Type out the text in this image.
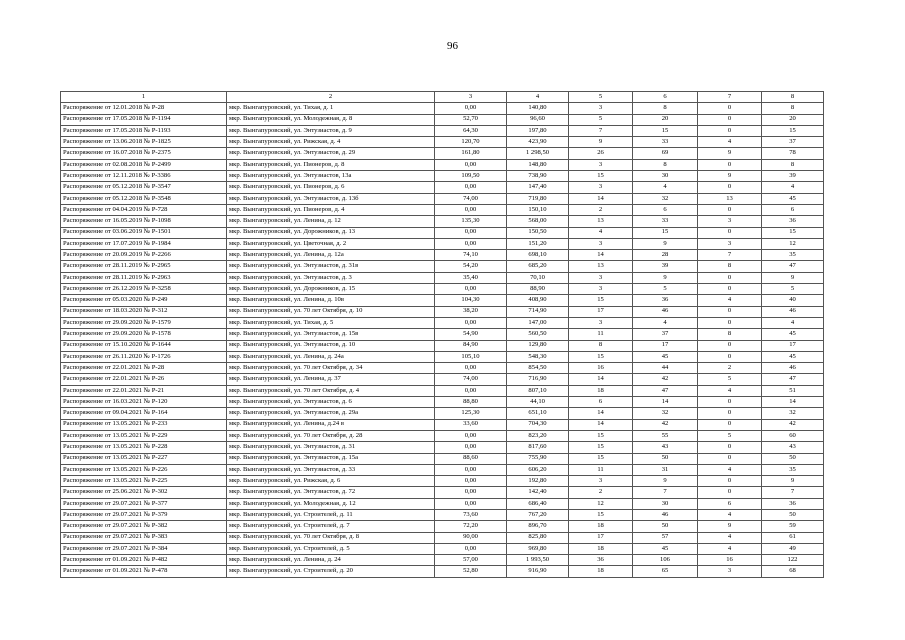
96
1	2	3	4	5	6	7	8
Распоряжение от 12.01.2018 № Р-28	мкр. Вынгапуровский, ул. Тихая, д. 1	0,00	140,80	3	8	0	8
Распоряжение от 17.05.2018 № Р-1194	мкр. Вынгапуровский, ул. Молодежная, д. 8	52,70	96,60	5	20	0	20
Распоряжение от 17.05.2018 № Р-1193	мкр. Вынгапуровский, ул. Энтузиастов, д. 9	64,30	197,80	7	15	0	15
Распоряжение от 13.06.2018 № Р-1825	мкр. Вынгапуровский, ул. Рижская, д. 4	120,70	423,90	9	33	4	37
Распоряжение от 16.07.2018 № Р-2375	мкр. Вынгапуровский, ул. Энтузиастов, д. 29	161,80	1 298,50	26	69	9	78
Распоряжение от 02.08.2018 № Р-2499	мкр. Вынгапуровский, ул. Пионеров, д. 8	0,00	148,80	3	8	0	8
Распоряжение от 12.11.2018 № Р-3386	мкр. Вынгапуровский, ул. Энтузиастов, 13а	109,50	738,90	15	30	9	39
Распоряжение от 05.12.2018 № Р-3547	мкр. Вынгапуровский, ул. Пионеров, д. 6	0,00	147,40	3	4	0	4
Распоряжение от 05.12.2018 № Р-3548	мкр. Вынгапуровский, ул. Энтузиастов, д. 13б	74,00	719,80	14	32	13	45
Распоряжение от 04.04.2019 № Р-728	мкр. Вынгапуровский, ул. Пионеров, д. 4	0,00	150,10	2	6	0	6
Распоряжение от 16.05.2019 № Р-1098	мкр. Вынгапуровский, ул. Ленина, д. 12	135,30	568,00	13	33	3	36
Распоряжение от 03.06.2019 № Р-1501	мкр. Вынгапуровский, ул. Дорожников, д. 13	0,00	150,50	4	15	0	15
Распоряжение от 17.07.2019 № Р-1984	мкр. Вынгапуровский, ул. Цветочная, д. 2	0,00	151,20	3	9	3	12
Распоряжение от 20.09.2019 № Р-2266	мкр. Вынгапуровский, ул. Ленина, д. 12а	74,10	698,10	14	28	7	35
Распоряжение от 28.11.2019 № Р-2965	мкр. Вынгапуровский, ул. Энтузиастов, д. 31в	54,20	685,20	13	39	8	47
Распоряжение от 28.11.2019 № Р-2963	мкр. Вынгапуровский, ул. Энтузиастов, д. 3	35,40	70,10	3	9	0	9
Распоряжение от 26.12.2019 № Р-3258	мкр. Вынгапуровский, ул. Дорожников, д. 15	0,00	88,90	3	5	0	5
Распоряжение от 05.03.2020 № Р-249	мкр. Вынгапуровский, ул. Ленина, д. 10в	104,30	408,90	15	36	4	40
Распоряжение от 18.03.2020 № Р-312	мкр. Вынгапуровский, ул. 70 лет Октября, д. 10	38,20	714,90	17	46	0	46
Распоряжение от 29.09.2020 № Р-1579	мкр. Вынгапуровский, ул. Тихая, д. 5	0,00	147,00	3	4	0	4
Распоряжение от 29.09.2020 № Р-1578	мкр. Вынгапуровский, ул. Энтузиастов, д. 15в	54,90	560,50	11	37	8	45
Распоряжение от 15.10.2020 № Р-1644	мкр. Вынгапуровский, ул. Энтузиастов, д. 10	84,90	129,80	8	17	0	17
Распоряжение от 26.11.2020 № Р-1726	мкр. Вынгапуровский, ул. Ленина, д. 24а	105,10	548,30	15	45	0	45
Распоряжение от 22.01.2021 № Р-28	мкр. Вынгапуровский, ул. 70 лет Октября, д. 34	0,00	854,50	16	44	2	46
Распоряжение от 22.01.2021 № Р-26	мкр. Вынгапуровский, ул. Ленина, д. 37	74,00	716,90	14	42	5	47
Распоряжение от 22.01.2021 № Р-21	мкр. Вынгапуровский, ул. 70 лет Октября, д. 4	0,00	807,10	18	47	4	51
Распоряжение от 16.03.2021 № Р-120	мкр. Вынгапуровский, ул. Энтузиастов, д. 6	88,80	44,10	6	14	0	14
Распоряжение от 09.04.2021 № Р-164	мкр. Вынгапуровский, ул. Энтузиастов, д. 29а	125,30	651,10	14	32	0	32
Распоряжение от 13.05.2021 № Р-233	мкр. Вынгапуровский, ул. Ленина, д.24 в	33,60	704,30	14	42	0	42
Распоряжение от 13.05.2021 № Р-229	мкр. Вынгапуровский, ул. 70 лет Октября, д. 28	0,00	823,20	15	55	5	60
Распоряжение от 13.05.2021 № Р-228	мкр. Вынгапуровский, ул. Энтузиастов, д. 31	0,00	817,60	15	43	0	43
Распоряжение от 13.05.2021 № Р-227	мкр. Вынгапуровский, ул. Энтузиастов, д. 15а	88,60	755,90	15	50	0	50
Распоряжение от 13.05.2021 № Р-226	мкр. Вынгапуровский, ул. Энтузиастов, д. 33	0,00	606,20	11	31	4	35
Распоряжение от 13.05.2021 № Р-225	мкр. Вынгапуровский, ул. Рижская, д. 6	0,00	192,80	3	9	0	9
Распоряжение от 25.06.2021 № Р-302	мкр. Вынгапуровский, ул. Энтузиастов, д. 72	0,00	142,40	2	7	0	7
Распоряжение от 29.07.2021 № Р-377	мкр. Вынгапуровский, ул. Молодежная, д. 12	0,00	686,40	12	30	6	36
Распоряжение от 29.07.2021 № Р-379	мкр. Вынгапуровский, ул. Строителей, д. 11	73,60	767,20	15	46	4	50
Распоряжение от 29.07.2021 № Р-382	мкр. Вынгапуровский, ул. Строителей, д. 7	72,20	896,70	18	50	9	59
Распоряжение от 29.07.2021 № Р-383	мкр. Вынгапуровский, ул. 70 лет Октября, д. 8	90,00	825,80	17	57	4	61
Распоряжение от 29.07.2021 № Р-384	мкр. Вынгапуровский, ул. Строителей, д. 5	0,00	969,80	18	45	4	49
Распоряжение от 01.09.2021 № Р-482	мкр. Вынгапуровский, ул. Ленина, д. 24	57,00	1 993,50	36	106	16	122
Распоряжение от 01.09.2021 № Р-478	мкр. Вынгапуровский, ул. Строителей, д. 20	52,80	916,90	18	65	3	68
